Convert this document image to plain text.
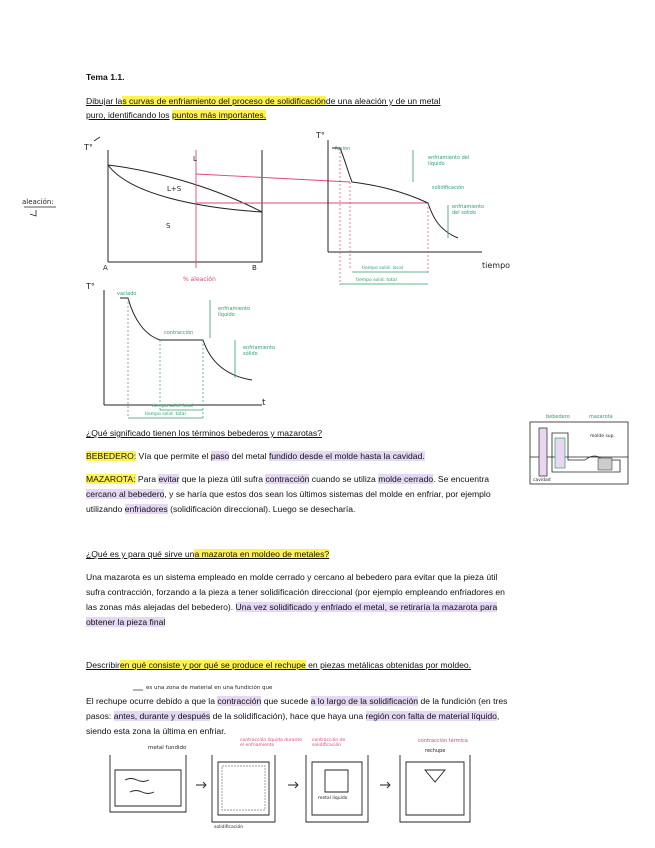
Tema 1.1.
Dibujar las curvas de enfriamiento del proceso de solidificaciónde una aleación y de un metal
puro, identificando los puntos más importantes.
aleación:
T°
L
L+S
S
A	B
% aleación
T°
fusión
enfriamiento del líquido
solidificación
enfriamiento del sólido
tiempo
tiempo solid. local
tiempo solid. total
T°
vaciado
enfriamiento líquido
contracción
enfriamiento sólido
t
tiempo solid. local
tiempo solid. total
¿Qué significado tienen los términos bebederos y mazarotas?
BEBEDERO: Vía que permite el paso del metal fundido desde el molde hasta la cavidad.
MAZAROTA: Para evitar que la pieza útil sufra contracción cuando se utiliza molde cerrado. Se encuentra cercano al bebedero, y se haría que estos dos sean los últimos sistemas del molde en enfriar, por ejemplo utilizando enfriadores (solidificación direccional). Luego se desecharía.
bebedero	mazarota
molde sup.
cavidad
¿Qué es y para qué sirve una mazarota en moldeo de metales?
Una mazarota es un sistema empleado en molde cerrado y cercano al bebedero para evitar que la pieza útil sufra contracción, forzando a la pieza a tener solidificación direccional (por ejemplo empleando enfriadores en las zonas más alejadas del bebedero). Una vez solidificado y enfriado el metal, se retiraría la mazarota para obtener la pieza final
Describiren qué consiste y por qué se produce el rechupe en piezas metálicas obtenidas por moldeo.
es una zona de material en una fundición que
El rechupe ocurre debido a que la contracción que sucede a lo largo de la solidificación de la fundición (en tres pasos: antes, durante y después de la solidificación), hace que haya una región con falta de material líquido, siendo esta zona la última en enfriar.
metal fundido
contracción líquida durante el enfriamiento
solidificación
contracción de solidificación
metal líquido
contracción térmica
rechupe
